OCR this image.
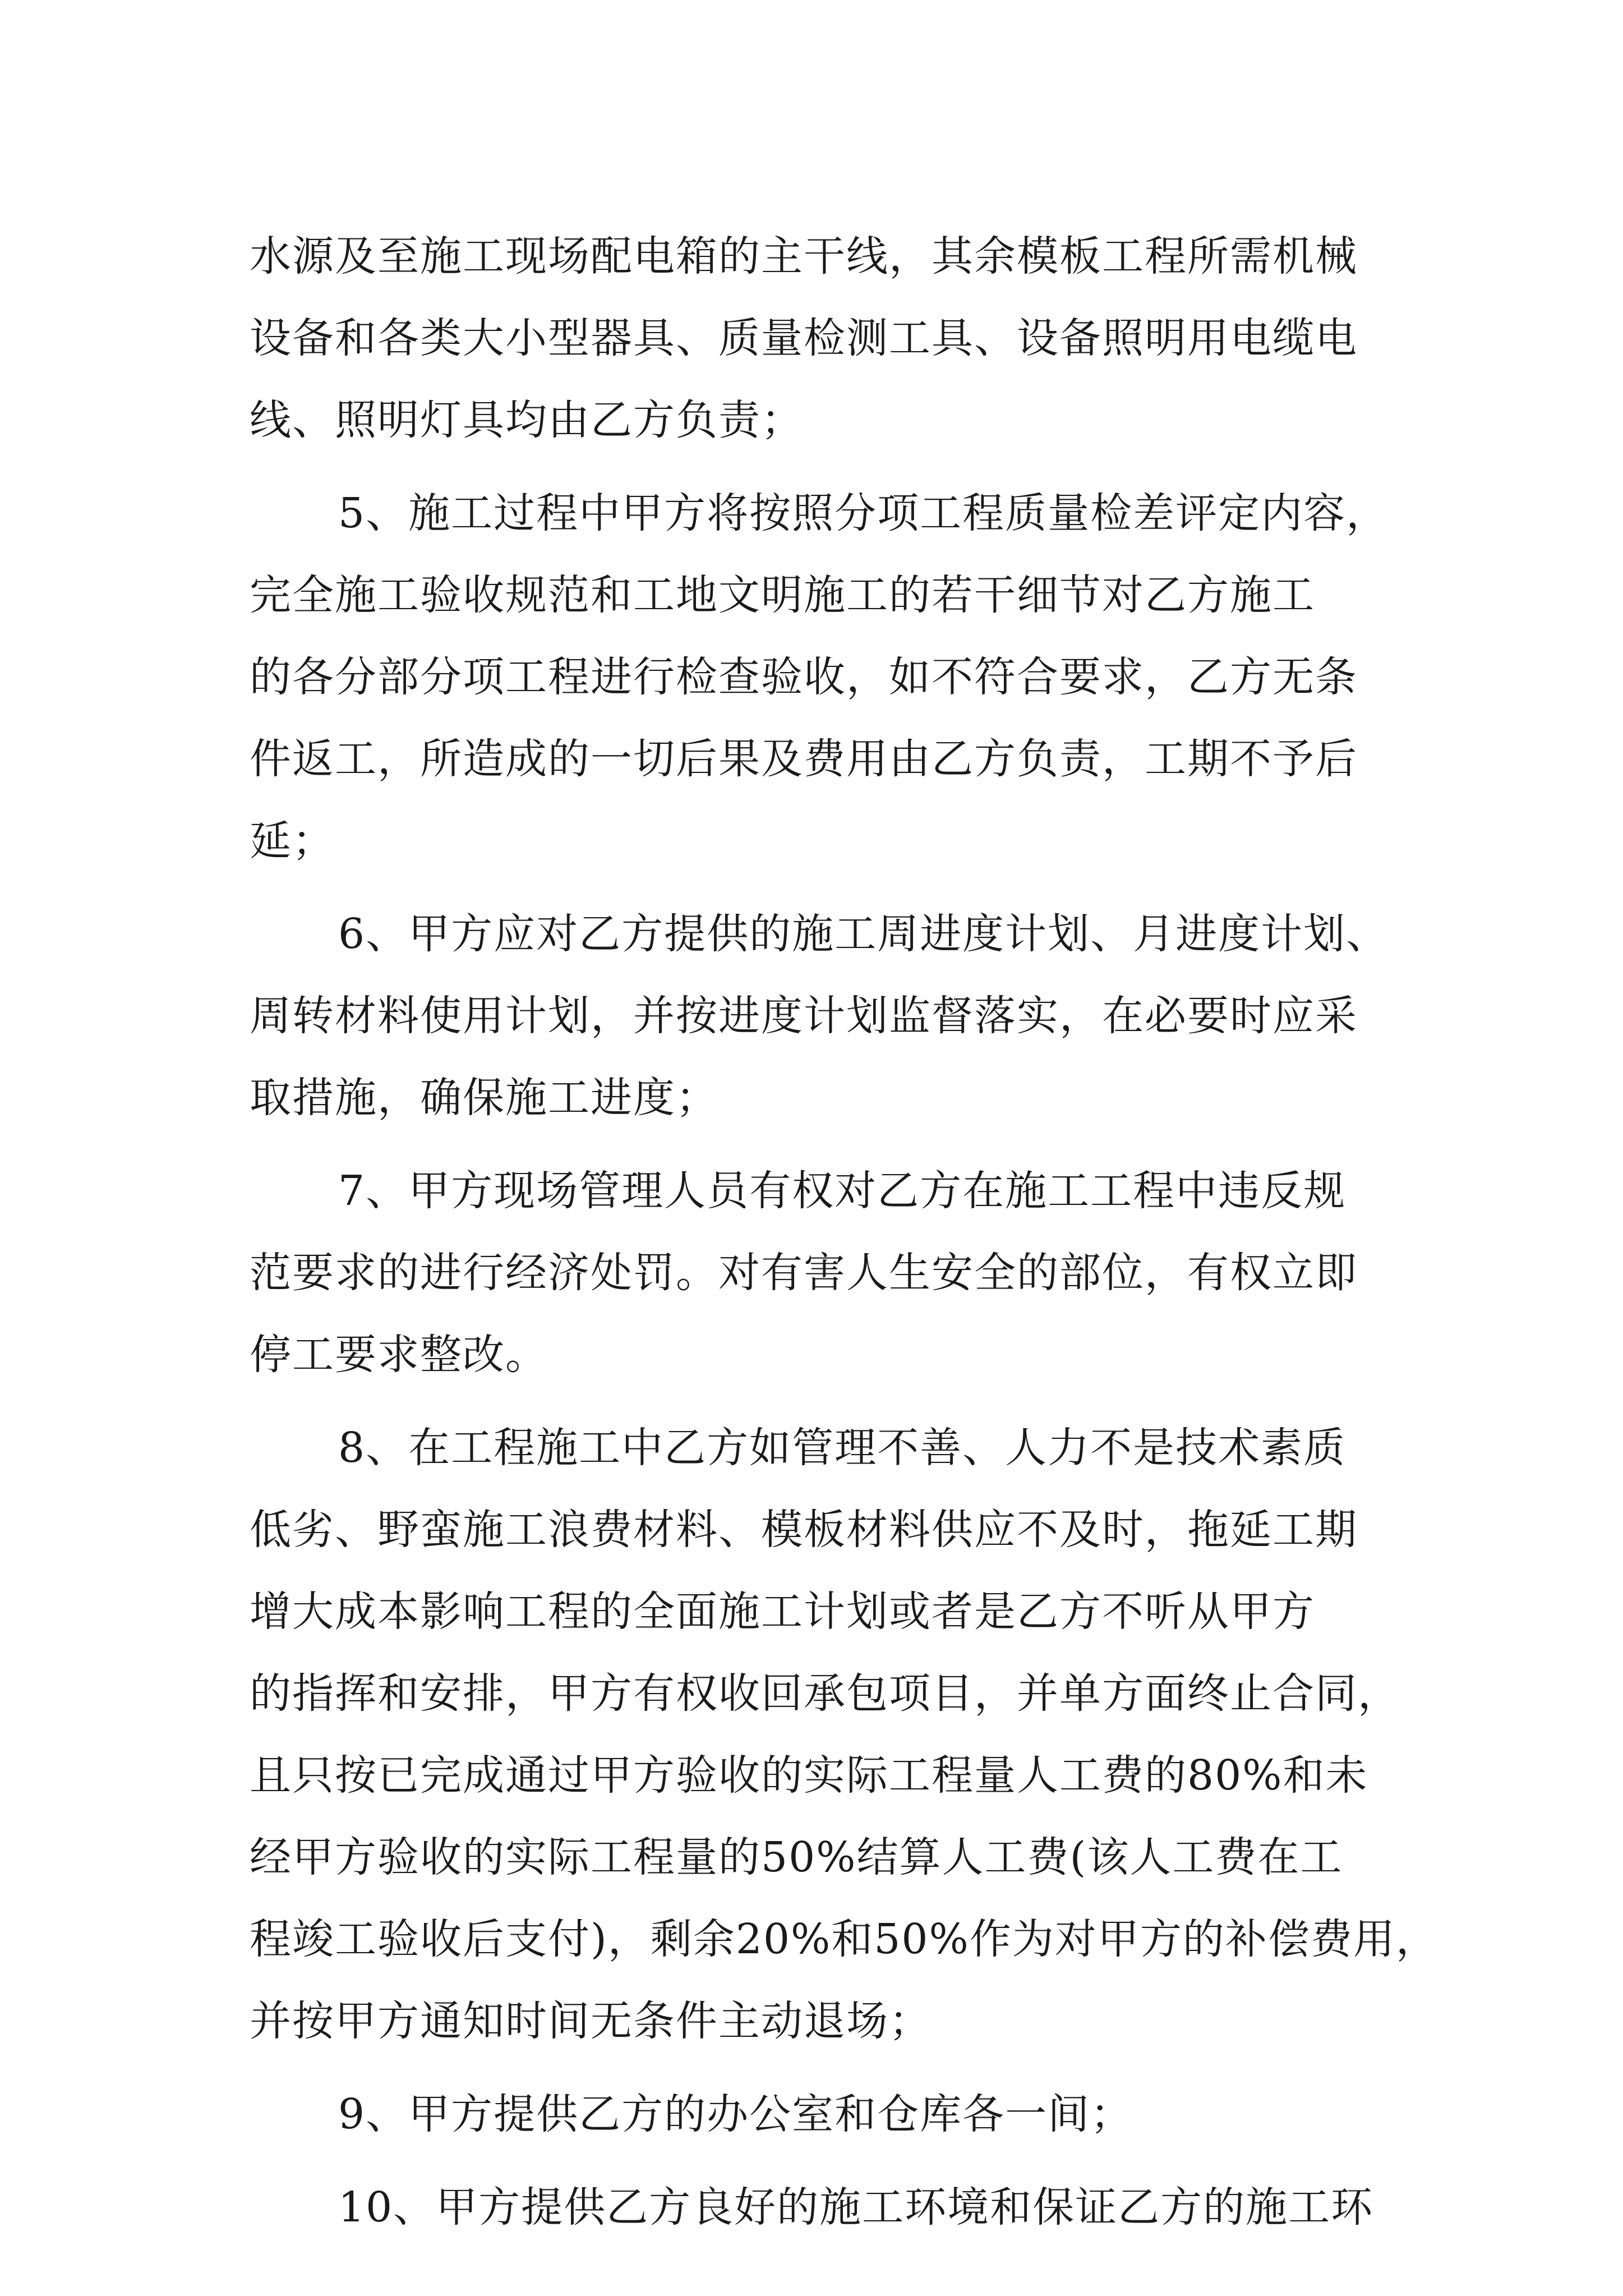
水源及至施工现场配电箱的主干线，其余模板工程所需机械
设备和各类大小型器具、质量检测工具、设备照明用电缆电
线、照明灯具均由乙方负责；
5、施工过程中甲方将按照分项工程质量检差评定内容，
完全施工验收规范和工地文明施工的若干细节对乙方施工
的各分部分项工程进行检查验收，如不符合要求，乙方无条
件返工，所造成的一切后果及费用由乙方负责，工期不予后
延；
6、甲方应对乙方提供的施工周进度计划、月进度计划、
周转材料使用计划，并按进度计划监督落实，在必要时应采
取措施，确保施工进度；
7、甲方现场管理人员有权对乙方在施工工程中违反规
范要求的进行经济处罚。对有害人生安全的部位，有权立即
停工要求整改。
8、在工程施工中乙方如管理不善、人力不是技术素质
低劣、野蛮施工浪费材料、模板材料供应不及时，拖延工期
增大成本影响工程的全面施工计划或者是乙方不听从甲方
的指挥和安排，甲方有权收回承包项目，并单方面终止合同，
且只按已完成通过甲方验收的实际工程量人工费的80%和未
经甲方验收的实际工程量的50%结算人工费(该人工费在工
程竣工验收后支付)，剩余20%和50%作为对甲方的补偿费用，
并按甲方通知时间无条件主动退场；
9、甲方提供乙方的办公室和仓库各一间；
10、甲方提供乙方良好的施工环境和保证乙方的施工环
